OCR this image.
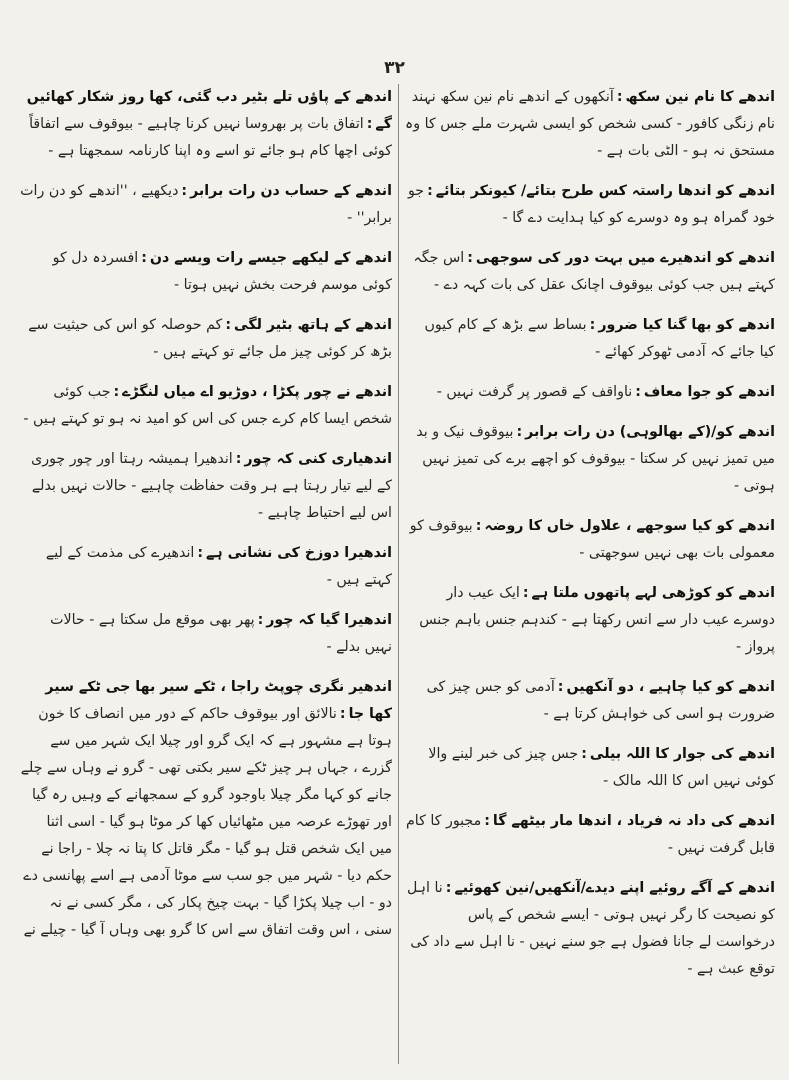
۳۲

اندھے کا نام نین سکھ:آنکھوں کے اندھے نام نین سکھ نہند نام زنگی کافور - کسی شخص کو ایسی شہرت ملے جس کا وہ مستحق نہ ہو - الٹی بات ہے -

اندھے کو اندھا راستہ کس طرح بتائے/ کیونکر بتائے:جو خود گمراہ ہو وہ دوسرے کو کیا ہدایت دے گا -

اندھے کو اندھیرے میں بہت دور کی سوجھی:اس جگہ کہتے ہیں جب کوئی بیوقوف اچانک عقل کی بات کہہ دے -

اندھے کو بھا گنا کیا ضرور:بساط سے بڑھ کے کام کیوں کیا جائے کہ آدمی ٹھوکر کھائے -

اندھے کو جوا معاف:ناواقف کے قصور پر گرفت نہیں -

اندھے کو/(کے بھالوہی) دن رات برابر:بیوقوف نیک و بد میں تمیز نہیں کر سکتا - بیوقوف کو اچھے برے کی تمیز نہیں ہوتی -

اندھے کو کیا سوجھے ، علاول خاں کا روضہ:بیوقوف کو معمولی بات بھی نہیں سوجھتی -

اندھے کو کوڑھی لہے پاتھوں ملتا ہے:ایک عیب دار دوسرے عیب دار سے انس رکھتا ہے - کندہم جنس باہم جنس پرواز -

اندھے کو کیا چاہیے ، دو آنکھیں:آدمی کو جس چیز کی ضرورت ہو اسی کی خواہش کرتا ہے -

اندھے کی جوار کا اللہ بیلی:جس چیز کی خبر لینے والا کوئی نہیں اس کا اللہ مالک -

اندھے کی داد نہ فریاد ، اندھا مار بیٹھے گا:مجبور کا کام قابل گرفت نہیں -

اندھے کے آگے روئیے اپنے دیدے/آنکھیں/نین کھوئیے:نا اہل کو نصیحت کا رگر نہیں ہوتی - ایسے شخص کے پاس درخواست لے جانا فضول ہے جو سنے نہیں - نا اہل سے داد کی توقع عبث ہے -

اندھے کے پاؤں تلے بٹیر دب گئی، کھا روز شکار کھائیں گے:اتفاق بات پر بھروسا نہیں کرنا چاہیے - بیوقوف سے اتفاقاً کوئی اچھا کام ہو جائے تو اسے وہ اپنا کارنامہ سمجھتا ہے -

اندھے کے حساب دن رات برابر:دیکھیے ، ''اندھے کو دن رات برابر'' -

اندھے کے لیکھے جیسے رات ویسے دن:افسردہ دل کو کوئی موسم فرحت بخش نہیں ہوتا -

اندھے کے ہاتھ بٹیر لگی:کم حوصلہ کو اس کی حیثیت سے بڑھ کر کوئی چیز مل جائے تو کہتے ہیں -

اندھے نے چور پکڑا ، دوڑیو اے میاں لنگڑے:جب کوئی شخص ایسا کام کرے جس کی اس کو امید نہ ہو تو کہتے ہیں -

اندھیاری کنی کہ چور:اندھیرا ہمیشہ رہتا اور چور چوری کے لیے تیار رہتا ہے ہر وقت حفاظت چاہیے - حالات نہیں بدلے اس لیے احتیاط چاہیے -

اندھیرا دوزخ کی نشانی ہے:اندھیرے کی مذمت کے لیے کہتے ہیں -

اندھیرا گیا کہ چور:پھر بھی موقع مل سکتا ہے - حالات نہیں بدلے -

اندھیر نگری چوپٹ راجا ، ٹکے سیر بھا جی ٹکے سیر کھا جا:نالائق اور بیوقوف حاکم کے دور میں انصاف کا خون ہوتا ہے مشہور ہے کہ ایک گرو اور چیلا ایک شہر میں سے گزرے ، جہاں ہر چیز ٹکے سیر بکتی تھی - گرو نے وہاں سے چلے جانے کو کہا مگر چیلا باوجود گرو کے سمجھانے کے وہیں رہ گیا اور تھوڑے عرصہ میں مٹھائیاں کھا کر موٹا ہو گیا - اسی اثنا میں ایک شخص قتل ہو گیا - مگر قاتل کا پتا نہ چلا - راجا نے حکم دیا - شہر میں جو سب سے موٹا آدمی ہے اسے پھانسی دے دو - اب چیلا پکڑا گیا - بہت چیخ پکار کی ، مگر کسی نے نہ سنی ، اس وقت اتفاق سے اس کا گرو بھی وہاں آ گیا - چیلے نے
